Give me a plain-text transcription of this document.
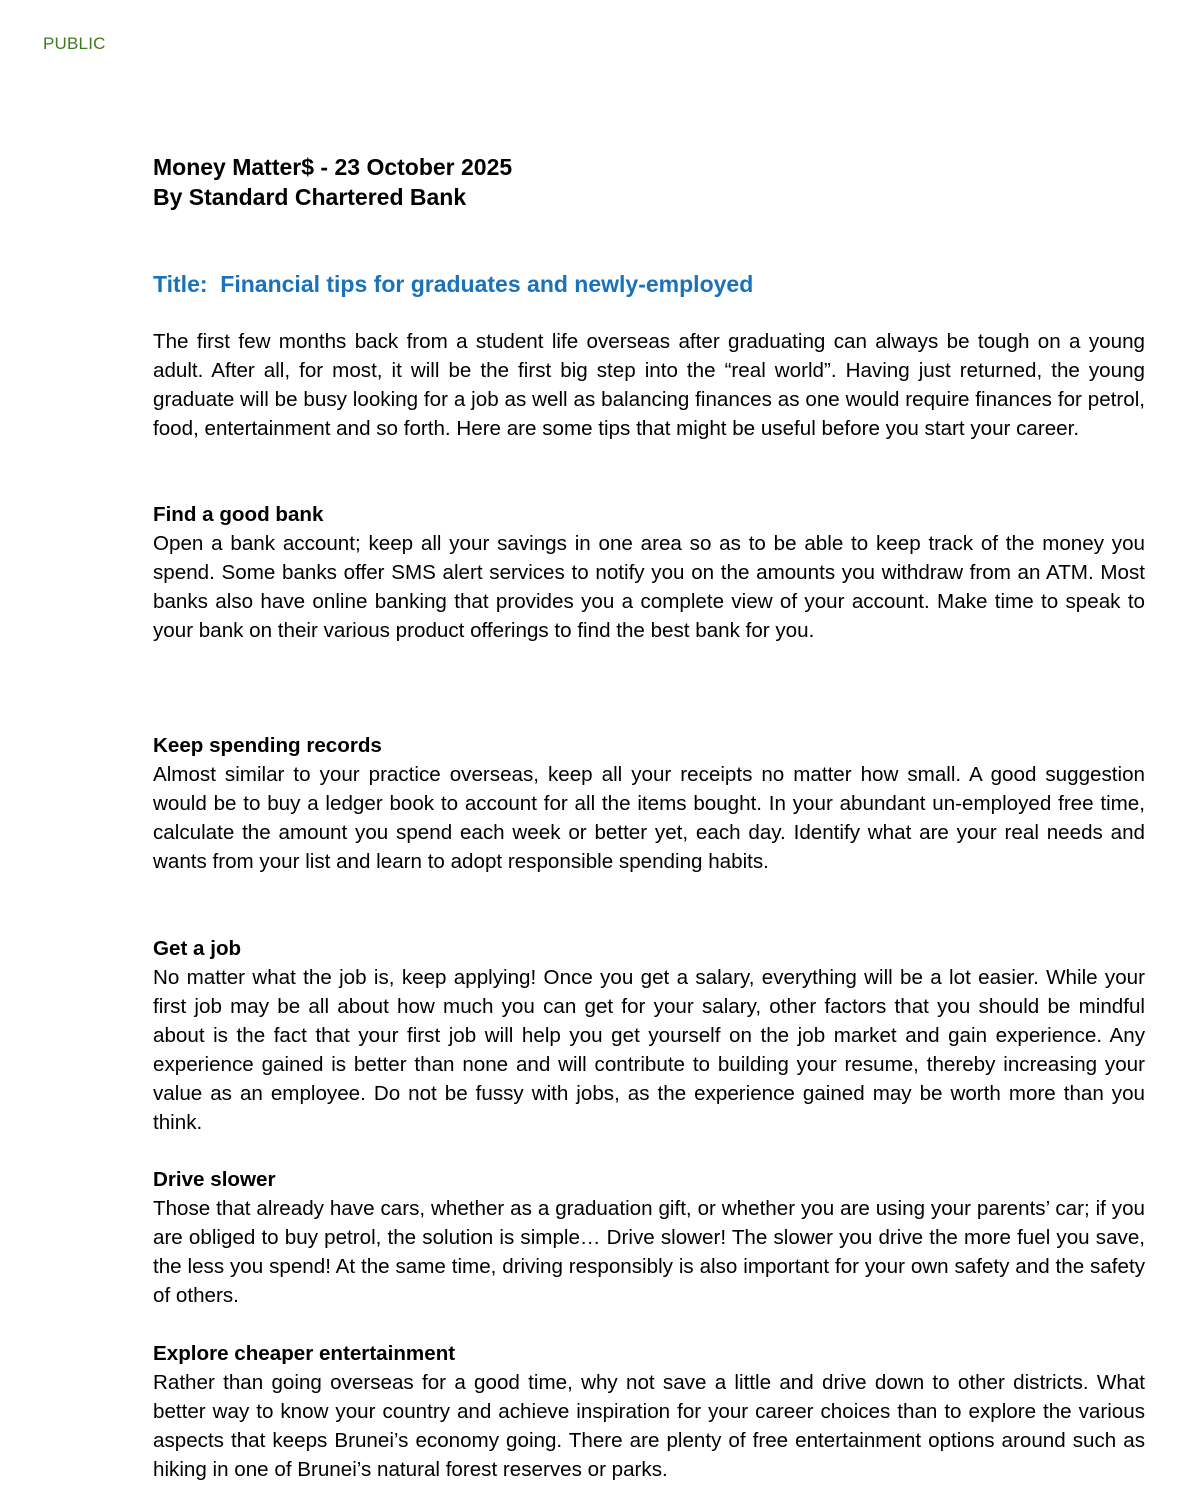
PUBLIC
Money Matter$ - 23 October 2025
By Standard Chartered Bank
Title:  Financial tips for graduates and newly-employed

The first few months back from a student life overseas after graduating can always be tough on a young adult. After all, for most, it will be the first big step into the “real world”. Having just returned, the young graduate will be busy looking for a job as well as balancing finances as one would require finances for petrol, food, entertainment and so forth. Here are some tips that might be useful before you start your career.

Find a good bank

Open a bank account; keep all your savings in one area so as to be able to keep track of the money you spend. Some banks offer SMS alert services to notify you on the amounts you withdraw from an ATM. Most banks also have online banking that provides you a complete view of your account. Make time to speak to your bank on their various product offerings to find the best bank for you.

Keep spending records

Almost similar to your practice overseas, keep all your receipts no matter how small. A good suggestion would be to buy a ledger book to account for all the items bought. In your abundant un-employed free time, calculate the amount you spend each week or better yet, each day. Identify what are your real needs and wants from your list and learn to adopt responsible spending habits.

Get a job

No matter what the job is, keep applying! Once you get a salary, everything will be a lot easier. While your first job may be all about how much you can get for your salary, other factors that you should be mindful about is the fact that your first job will help you get yourself on the job market and gain experience. Any experience gained is better than none and will contribute to building your resume, thereby increasing your value as an employee. Do not be fussy with jobs, as the experience gained may be worth more than you think.

Drive slower

Those that already have cars, whether as a graduation gift, or whether you are using your parents’ car; if you are obliged to buy petrol, the solution is simple… Drive slower! The slower you drive the more fuel you save, the less you spend! At the same time, driving responsibly is also important for your own safety and the safety of others.

Explore cheaper entertainment

Rather than going overseas for a good time, why not save a little and drive down to other districts. What better way to know your country and achieve inspiration for your career choices than to explore the various aspects that keeps Brunei’s economy going. There are plenty of free entertainment options around such as hiking in one of Brunei’s natural forest reserves or parks.
